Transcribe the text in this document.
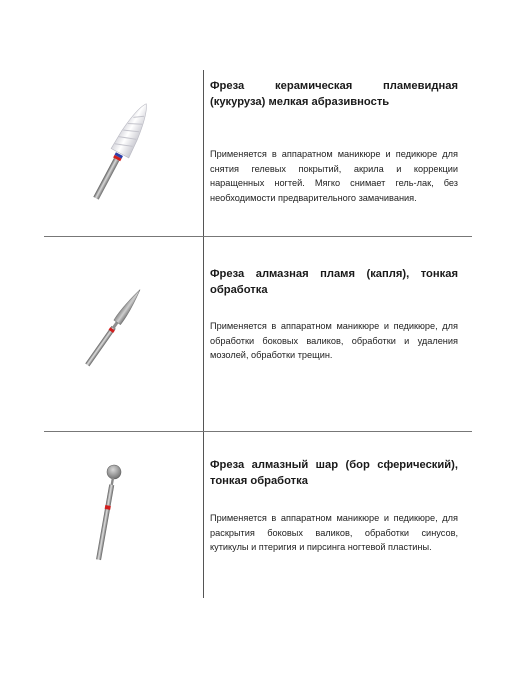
Фреза керамическая пламевидная (кукуруза) мелкая абразивность

Применяется в аппаратном маникюре и педикюре для снятия гелевых покрытий, акрила и коррекции наращенных ногтей. Мягко снимает гель-лак, без необходимости предварительного замачивания.

Фреза алмазная пламя (капля), тонкая обработка

Применяется в аппаратном маникюре и педикюре, для обработки боковых валиков, обработки и удаления мозолей, обработки трещин.

Фреза алмазный шар (бор сферический), тонкая обработка

Применяется в аппаратном маникюре и педикюре, для раскрытия боковых валиков, обработки синусов, кутикулы и птеригия и пирсинга ногтевой пластины.
